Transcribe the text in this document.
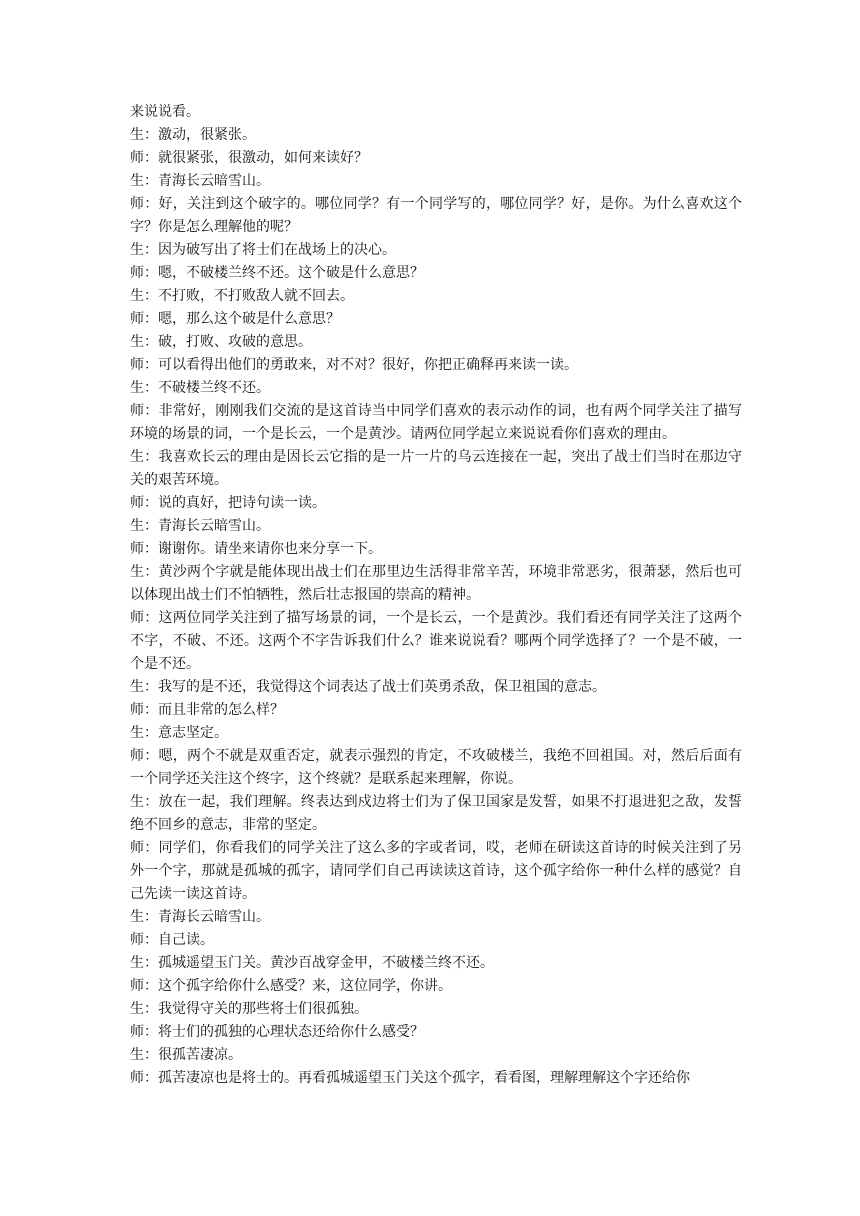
来说说看。

生：激动，很紧张。

师：就很紧张，很激动，如何来读好？

生：青海长云暗雪山。

师：好，关注到这个破字的。哪位同学？有一个同学写的，哪位同学？好，是你。为什么喜欢这个字？你是怎么理解他的呢？

生：因为破写出了将士们在战场上的决心。

师：嗯，不破楼兰终不还。这个破是什么意思？

生：不打败，不打败敌人就不回去。

师：嗯，那么这个破是什么意思？

生：破，打败、攻破的意思。

师：可以看得出他们的勇敢来，对不对？很好，你把正确释再来读一读。

生：不破楼兰终不还。

师：非常好，刚刚我们交流的是这首诗当中同学们喜欢的表示动作的词，也有两个同学关注了描写环境的场景的词，一个是长云，一个是黄沙。请两位同学起立来说说看你们喜欢的理由。

生：我喜欢长云的理由是因长云它指的是一片一片的乌云连接在一起，突出了战士们当时在那边守关的艰苦环境。

师：说的真好，把诗句读一读。

生：青海长云暗雪山。

师：谢谢你。请坐来请你也来分享一下。

生：黄沙两个字就是能体现出战士们在那里边生活得非常辛苦，环境非常恶劣，很萧瑟，然后也可以体现出战士们不怕牺牲，然后壮志报国的崇高的精神。

师：这两位同学关注到了描写场景的词，一个是长云，一个是黄沙。我们看还有同学关注了这两个不字，不破、不还。这两个不字告诉我们什么？谁来说说看？哪两个同学选择了？一个是不破，一个是不还。

生：我写的是不还，我觉得这个词表达了战士们英勇杀敌，保卫祖国的意志。

师：而且非常的怎么样？

生：意志坚定。

师：嗯，两个不就是双重否定，就表示强烈的肯定，不攻破楼兰，我绝不回祖国。对，然后后面有一个同学还关注这个终字，这个终就？是联系起来理解，你说。

生：放在一起，我们理解。终表达到戍边将士们为了保卫国家是发誓，如果不打退进犯之敌，发誓绝不回乡的意志，非常的坚定。

师：同学们，你看我们的同学关注了这么多的字或者词，哎，老师在研读这首诗的时候关注到了另外一个字，那就是孤城的孤字，请同学们自己再读读这首诗，这个孤字给你一种什么样的感觉？自己先读一读这首诗。

生：青海长云暗雪山。

师：自己读。

生：孤城遥望玉门关。黄沙百战穿金甲，不破楼兰终不还。

师：这个孤字给你什么感受？来，这位同学，你讲。

生：我觉得守关的那些将士们很孤独。

师：将士们的孤独的心理状态还给你什么感受？

生：很孤苦凄凉。

师：孤苦凄凉也是将士的。再看孤城遥望玉门关这个孤字，看看图，理解理解这个字还给你
